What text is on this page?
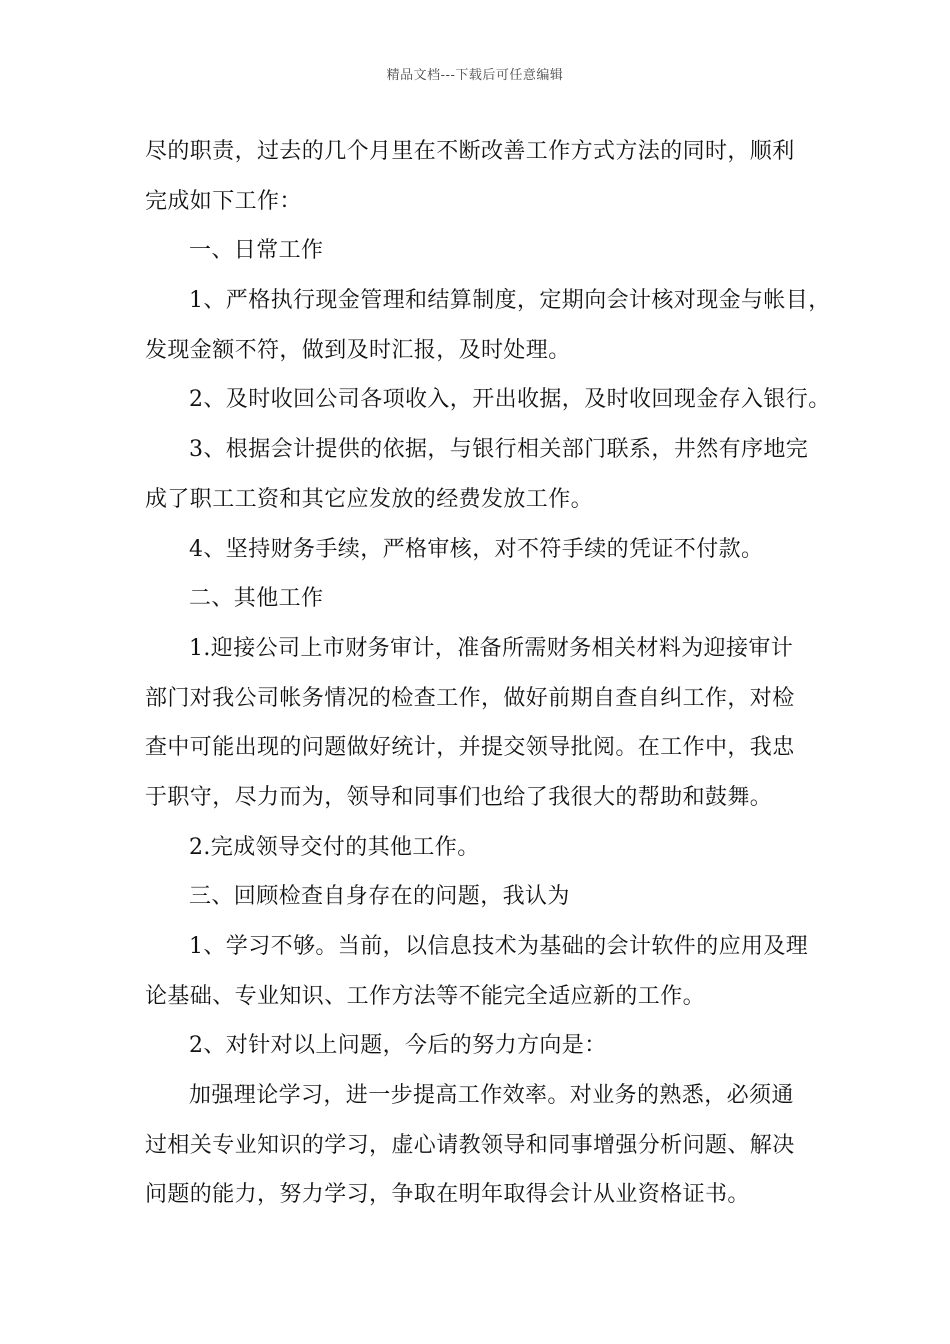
精品文档---下载后可任意编辑
尽的职责，过去的几个月里在不断改善工作方式方法的同时，顺利
完成如下工作：
一、日常工作
1、严格执行现金管理和结算制度，定期向会计核对现金与帐目，
发现金额不符，做到及时汇报，及时处理。
2、及时收回公司各项收入，开出收据，及时收回现金存入银行。
3、根据会计提供的依据，与银行相关部门联系，井然有序地完
成了职工工资和其它应发放的经费发放工作。
4、坚持财务手续，严格审核，对不符手续的凭证不付款。
二、其他工作
1.迎接公司上市财务审计，准备所需财务相关材料为迎接审计
部门对我公司帐务情况的检查工作，做好前期自查自纠工作，对检
查中可能出现的问题做好统计，并提交领导批阅。在工作中，我忠
于职守，尽力而为，领导和同事们也给了我很大的帮助和鼓舞。
2.完成领导交付的其他工作。
三、回顾检查自身存在的问题，我认为
1、学习不够。当前，以信息技术为基础的会计软件的应用及理
论基础、专业知识、工作方法等不能完全适应新的工作。
2、对针对以上问题，今后的努力方向是：
加强理论学习，进一步提高工作效率。对业务的熟悉，必须通
过相关专业知识的学习，虚心请教领导和同事增强分析问题、解决
问题的能力，努力学习，争取在明年取得会计从业资格证书。
